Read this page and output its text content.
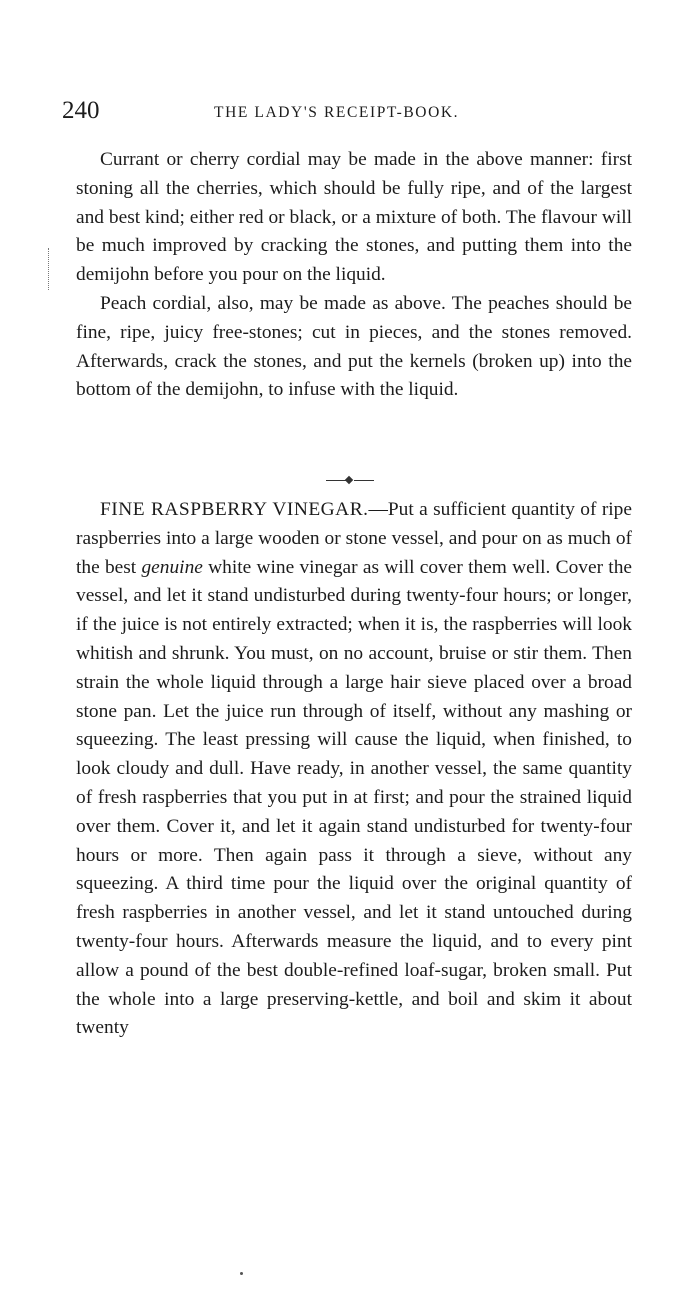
240	THE LADY'S RECEIPT-BOOK.

Currant or cherry cordial may be made in the above manner: first stoning all the cherries, which should be fully ripe, and of the largest and best kind; either red or black, or a mixture of both. The flavour will be much improved by cracking the stones, and putting them into the demijohn before you pour on the liquid.

Peach cordial, also, may be made as above. The peaches should be fine, ripe, juicy free-stones; cut in pieces, and the stones removed. Afterwards, crack the stones, and put the kernels (broken up) into the bottom of the demijohn, to infuse with the liquid.

FINE RASPBERRY VINEGAR.—Put a sufficient quantity of ripe raspberries into a large wooden or stone vessel, and pour on as much of the best genuine white wine vinegar as will cover them well. Cover the vessel, and let it stand undisturbed during twenty-four hours; or longer, if the juice is not entirely extracted; when it is, the raspberries will look whitish and shrunk. You must, on no account, bruise or stir them. Then strain the whole liquid through a large hair sieve placed over a broad stone pan. Let the juice run through of itself, without any mashing or squeezing. The least pressing will cause the liquid, when finished, to look cloudy and dull. Have ready, in another vessel, the same quantity of fresh raspberries that you put in at first; and pour the strained liquid over them. Cover it, and let it again stand undisturbed for twenty-four hours or more. Then again pass it through a sieve, without any squeezing. A third time pour the liquid over the original quantity of fresh raspberries in another vessel, and let it stand untouched during twenty-four hours. Afterwards measure the liquid, and to every pint allow a pound of the best double-refined loaf-sugar, broken small. Put the whole into a large preserving-kettle, and boil and skim it about twenty
